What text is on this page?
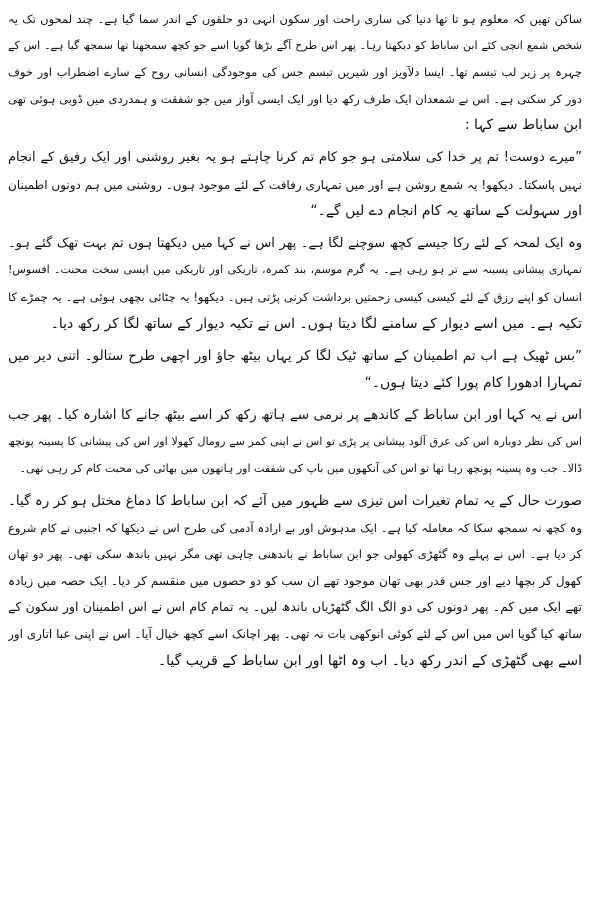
ساکن تھیں کہ معلوم ہو تا تھا دنیا کی ساری راحت اور سکون انہی دو حلقوں کے اندر سما گیا ہے۔ چند لمحوں تک یہ
شخص شمع انچی کئے ابن ساباط کو دیکھتا رہا۔ پھر اس طرح آگے بڑھا گویا اسے جو کچھ سمجھنا تھا سمجھ گیا ہے۔ اس کے
چہرہ پر زیر لب تبسم تھا۔ ایسا دلآویز اور شیریں تبسم جس کی موجودگی انسانی روح کے سارے اضطراب اور خوف
دور کر سکتی ہے۔ اس نے شمعدان ایک طرف رکھ دیا اور ایک ایسی آواز میں جو شفقت و ہمدردی میں ڈوبی ہوئی تھی
ابن ساباط سے کہا :

”میرے دوست! تم پر خدا کی سلامتی ہو جو کام تم کرنا چاہتے ہو یہ بغیر روشنی اور ایک رفیق کے انجام
نہیں پاسکتا۔ دیکھو! یہ شمع روشن ہے اور میں تمہاری رفاقت کے لئے موجود ہوں۔ روشنی میں ہم دونوں اطمینان
اور سہولت کے ساتھ یہ کام انجام دے لیں گے۔“

وہ ایک لمحہ کے لئے رکا جیسے کچھ سوچنے لگا ہے۔ پھر اس نے کہا میں دیکھتا ہوں تم بہت تھک گئے ہو۔
تمہاری پیشانی پسینہ سے تر ہو رہی ہے۔ یہ گرم موسم، بند کمرہ، تاریکی اور تاریکی میں ایسی سخت محنت۔ افسوس!
انسان کو اپنے رزق کے لئے کیسی کیسی زحمتیں برداشت کرنی پڑتی ہیں۔ دیکھو! یہ چٹائی بچھی ہوئی ہے۔ یہ چمڑے کا
تکیہ ہے۔ میں اسے دیوار کے سامنے لگا دیتا ہوں۔ اس نے تکیہ دیوار کے ساتھ لگا کر رکھ دیا۔

”بس ٹھیک ہے اب تم اطمینان کے ساتھ ٹیک لگا کر یہاں بیٹھ جاؤ اور اچھی طرح ستالو۔ اتنی دیر میں
تمہارا ادھورا کام پورا کئے دیتا ہوں۔“

اس نے یہ کہا اور ابن ساباط کے کاندھے پر نرمی سے ہاتھ رکھ کر اسے بیٹھ جانے کا اشارہ کیا۔ پھر جب
اس کی نظر دوبارہ اس کی عرق آلود پیشانی پر پڑی تو اس نے اپنی کمر سے رومال کھولا اور اس کی پیشانی کا پسینہ پونچھ
ڈالا۔ جب وہ پسینہ پونچھ رہا تھا تو اس کی آنکھوں میں باپ کی شفقت اور ہاتھوں میں بھائی کی محبت کام کر رہی تھی۔

صورت حال کے یہ تمام تغیرات اس تیزی سے ظہور میں آئے کہ ابن ساباط کا دماغ مختل ہو کر رہ گیا۔
وہ کچھ نہ سمجھ سکا کہ معاملہ کیا ہے۔ ایک مدہوش اور بے ارادہ آدمی کی طرح اس نے دیکھا کہ اجنبی نے کام شروع
کر دیا ہے۔ اس نے پہلے وہ گٹھڑی کھولی جو ابن ساباط نے باندھنی چاہی تھی مگر نہیں باندھ سکی تھی۔ پھر دو تھان
کھول کر بچھا دیے اور جس قدر بھی تھان موجود تھے ان سب کو دو حصوں میں منقسم کر دیا۔ ایک حصہ میں زیادہ
تھے ایک میں کم۔ پھر دونوں کی دو الگ الگ گٹھڑیاں باندھ لیں۔ یہ تمام کام اس نے اس اطمینان اور سکون کے
ساتھ کیا گویا اس میں اس کے لئے کوئی انوکھی بات نہ تھی۔ پھر اچانک اسے کچھ خیال آیا۔ اس نے اپنی عبا اتاری اور
اسے بھی گٹھڑی کے اندر رکھ دیا۔ اب وہ اٹھا اور ابن ساباط کے قریب گیا۔
